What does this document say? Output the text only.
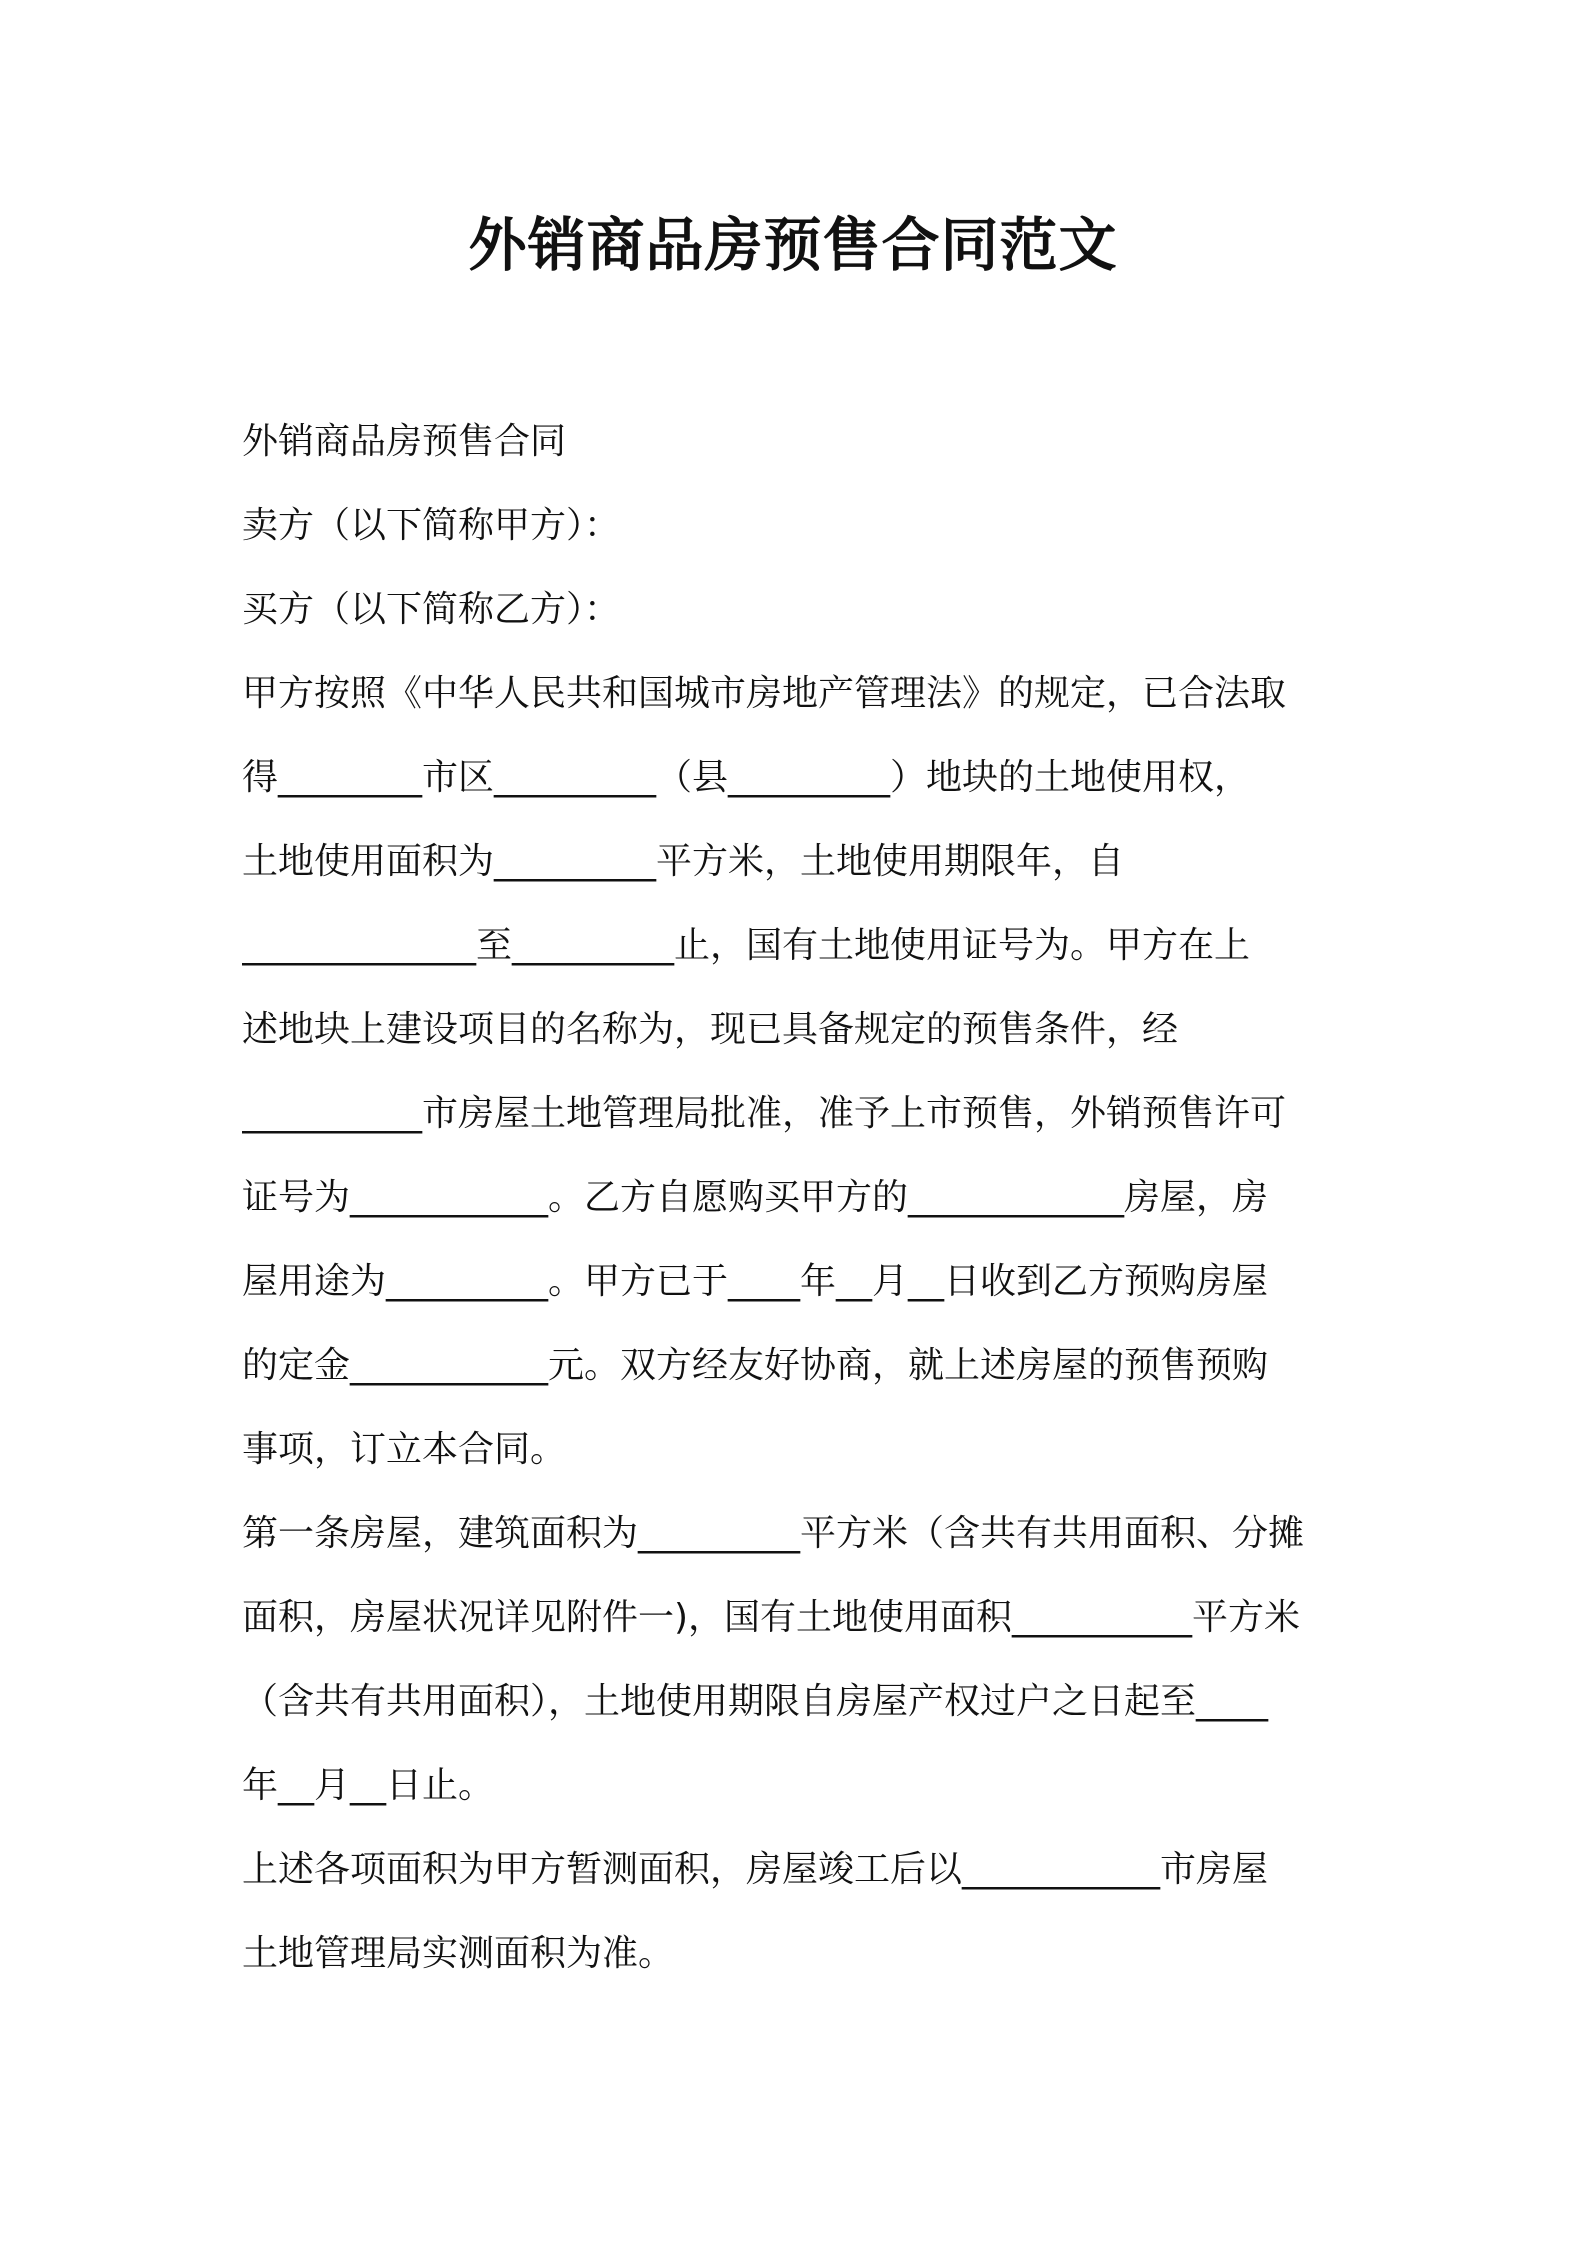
外销商品房预售合同范文
外销商品房预售合同
卖方（以下简称甲方）：
买方（以下简称乙方）：
甲方按照《中华人民共和国城市房地产管理法》的规定，已合法取
得________市区_________（县_________）地块的土地使用权，
土地使用面积为_________平方米，土地使用期限年，自
_____________至_________止，国有土地使用证号为。甲方在上
述地块上建设项目的名称为，现已具备规定的预售条件，经
__________市房屋土地管理局批准，准予上市预售，外销预售许可
证号为___________。乙方自愿购买甲方的____________房屋，房
屋用途为_________。甲方已于____年__月__日收到乙方预购房屋
的定金___________元。双方经友好协商，就上述房屋的预售预购
事项，订立本合同。
第一条房屋，建筑面积为_________平方米（含共有共用面积、分摊
面积，房屋状况详见附件一)，国有土地使用面积__________平方米
（含共有共用面积），土地使用期限自房屋产权过户之日起至____
年__月__日止。
上述各项面积为甲方暂测面积，房屋竣工后以___________市房屋
土地管理局实测面积为准。
